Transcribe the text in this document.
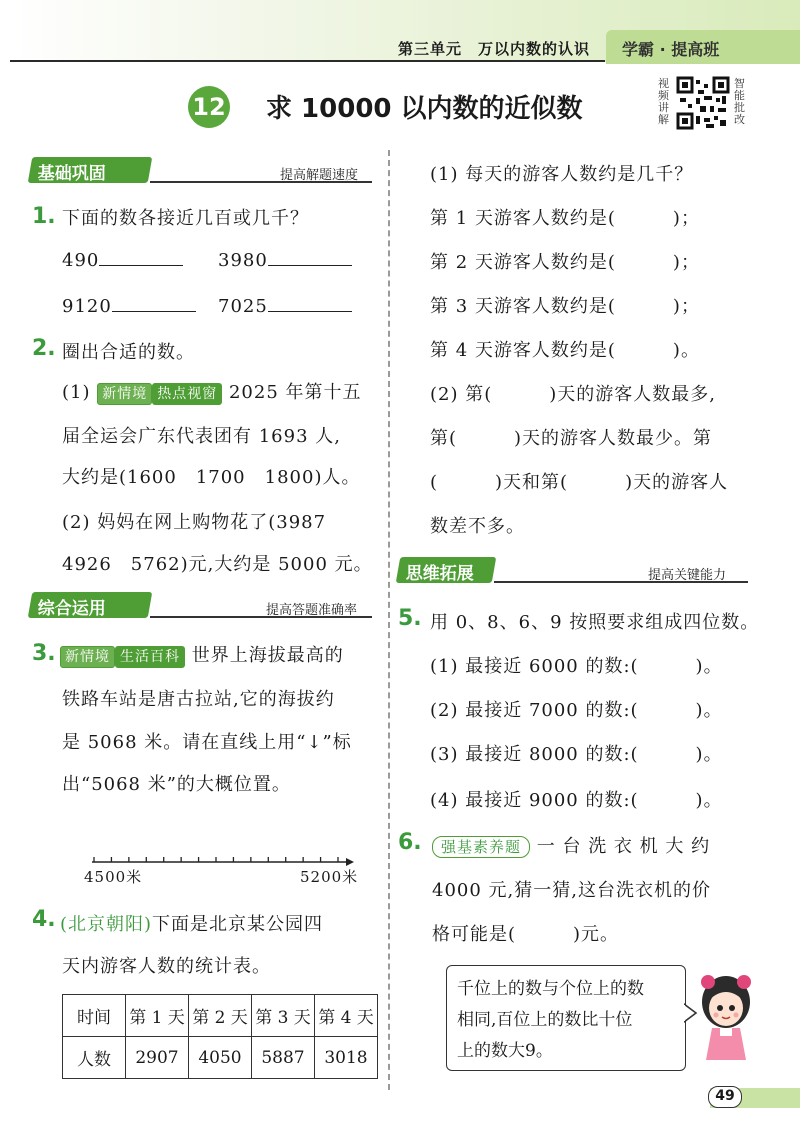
第三单元　万以内数的认识 学霸 · 提高班
12 求 10000 以内数的近似数
视频讲解
智能批改
基础巩固	提高解题速度
1. 下面的数各接近几百或几千？
490	3980
9120	7025
2. 圈出合适的数。
(1) 新情境 热点视窗 2025 年第十五
届全运会广东代表团有 1693 人,
大约是(1600　1700　1800)人。
(2) 妈妈在网上购物花了(3987
4926　5762)元,大约是 5000 元。
综合运用	提高答题准确率
3. 新情境 生活百科 世界上海拔最高的
铁路车站是唐古拉站,它的海拔约
是 5068 米。请在直线上用“↓”标
出“5068 米”的大概位置。
4500米	5200米
4. (北京朝阳)下面是北京某公园四
天内游客人数的统计表。
时间	第 1 天	第 2 天	第 3 天	第 4 天
人数	2907	4050	5887	3018
(1) 每天的游客人数约是几千？
第 1 天游客人数约是(　　　)；
第 2 天游客人数约是(　　　)；
第 3 天游客人数约是(　　　)；
第 4 天游客人数约是(　　　)。
(2) 第(　　　)天的游客人数最多,
第(　　　)天的游客人数最少。第
(　　　)天和第(　　　)天的游客人
数差不多。
思维拓展	提高关键能力
5. 用 0、8、6、9 按照要求组成四位数。
(1) 最接近 6000 的数:(　　　)。
(2) 最接近 7000 的数:(　　　)。
(3) 最接近 8000 的数:(　　　)。
(4) 最接近 9000 的数:(　　　)。
6.	强基素养题 一 台 洗 衣 机 大 约
4000 元,猜一猜,这台洗衣机的价
格可能是(　　　)元。
千位上的数与个位上的数
相同,百位上的数比十位
上的数大9。
49
